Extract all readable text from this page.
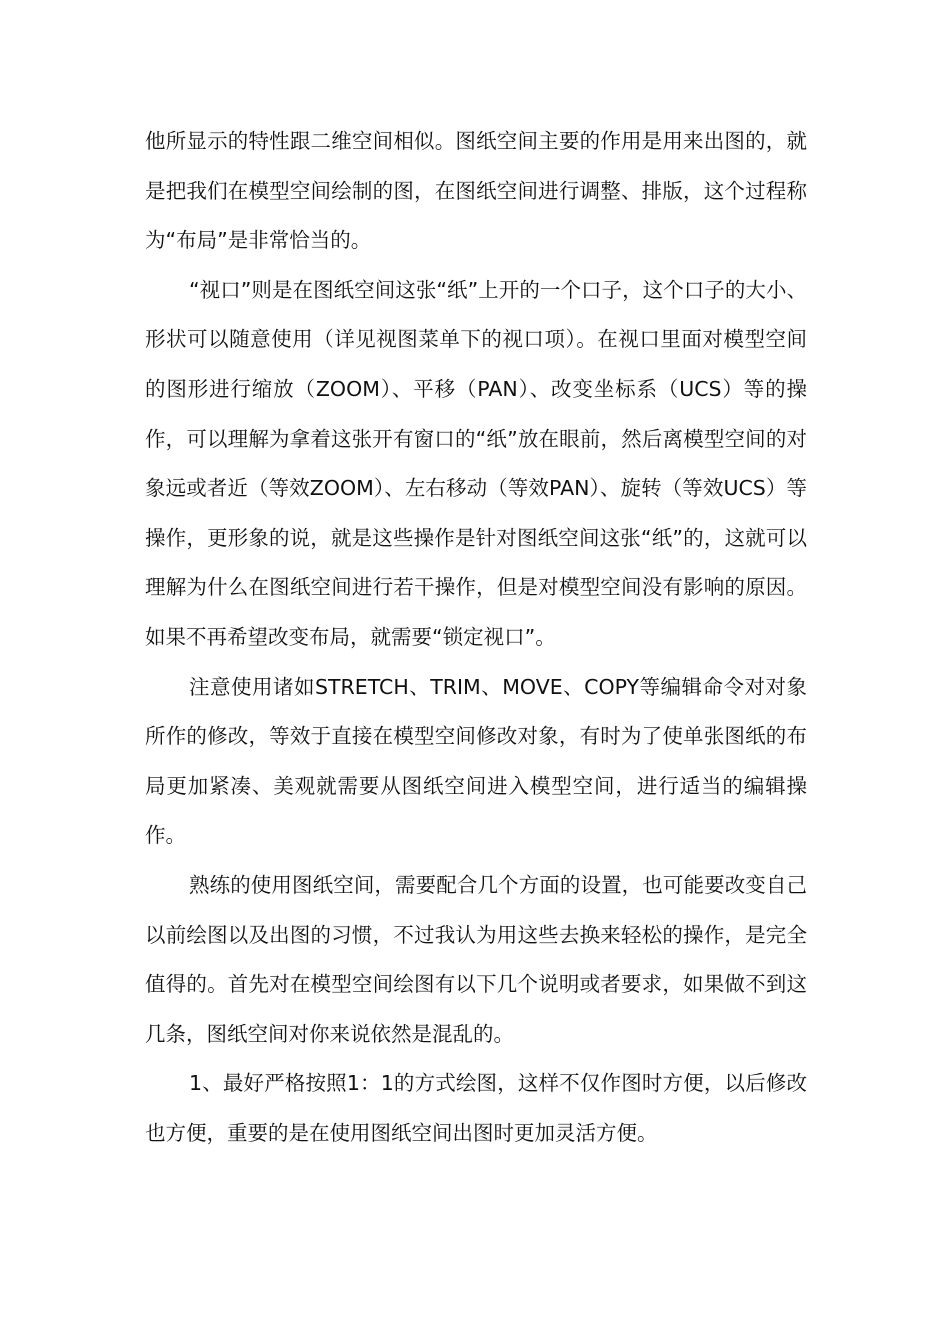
他所显示的特性跟二维空间相似。图纸空间主要的作用是用来出图的，就是把我们在模型空间绘制的图，在图纸空间进行调整、排版，这个过程称为“布局”是非常恰当的。

“视口”则是在图纸空间这张“纸”上开的一个口子，这个口子的大小、形状可以随意使用（详见视图菜单下的视口项）。在视口里面对模型空间的图形进行缩放（ZOOM）、平移（PAN）、改变坐标系（UCS）等的操作，可以理解为拿着这张开有窗口的“纸”放在眼前，然后离模型空间的对象远或者近（等效ZOOM）、左右移动（等效PAN）、旋转（等效UCS）等操作，更形象的说，就是这些操作是针对图纸空间这张“纸”的，这就可以理解为什么在图纸空间进行若干操作，但是对模型空间没有影响的原因。如果不再希望改变布局，就需要“锁定视口”。

注意使用诸如STRETCH、TRIM、MOVE、COPY等编辑命令对对象所作的修改，等效于直接在模型空间修改对象，有时为了使单张图纸的布局更加紧凑、美观就需要从图纸空间进入模型空间，进行适当的编辑操作。

熟练的使用图纸空间，需要配合几个方面的设置，也可能要改变自己以前绘图以及出图的习惯，不过我认为用这些去换来轻松的操作，是完全值得的。首先对在模型空间绘图有以下几个说明或者要求，如果做不到这几条，图纸空间对你来说依然是混乱的。

1、最好严格按照1：1的方式绘图，这样不仅作图时方便，以后修改也方便，重要的是在使用图纸空间出图时更加灵活方便。
